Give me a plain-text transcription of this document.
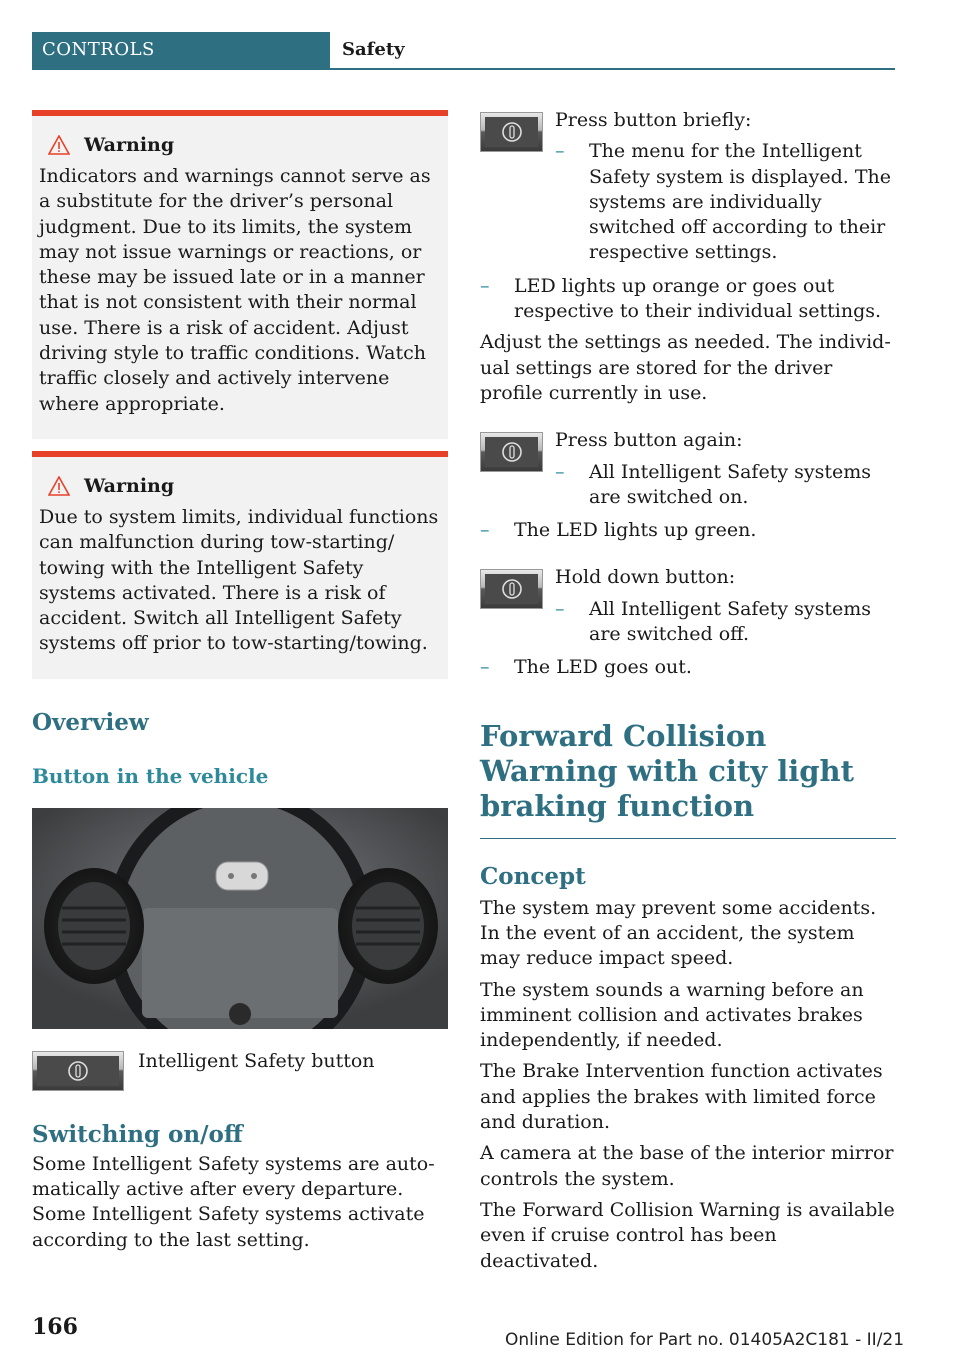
CONTROLS	Safety
Warning

Indicators and warnings cannot serve as a substitute for the driver’s personal judgment. Due to its limits, the system may not issue warnings or reactions, or these may be issued late or in a manner that is not consistent with their normal use. There is a risk of accident. Adjust driving style to traffic conditions. Watch traffic closely and actively intervene where appropriate.

Warning

Due to system limits, individual functions can malfunction during tow-starting/ towing with the Intelligent Safety systems activated. There is a risk of accident. Switch all Intelligent Safety systems off prior to tow-starting/towing.

Overview
Button in the vehicle
Intelligent Safety button
Switching on/off

Some Intelligent Safety systems are automatically active after every departure. Some Intelligent Safety systems activate according to the last setting.

Press button briefly:
–	The menu for the Intelligent Safety system is displayed. The systems are individually switched off according to their respective settings.
–	LED lights up orange or goes out respective to their individual settings.

Adjust the settings as needed. The individual settings are stored for the driver profile currently in use.

Press button again:
–	All Intelligent Safety systems are switched on.
–	The LED lights up green.
Hold down button:
–	All Intelligent Safety systems are switched off.
–	The LED goes out.
Forward Collision Warning with city light braking function
Concept

The system may prevent some accidents. In the event of an accident, the system may reduce impact speed.

The system sounds a warning before an imminent collision and activates brakes independently, if needed.

The Brake Intervention function activates and applies the brakes with limited force and duration.

A camera at the base of the interior mirror controls the system.

The Forward Collision Warning is available even if cruise control has been deactivated.

166	Online Edition for Part no. 01405A2C181 - II/21
